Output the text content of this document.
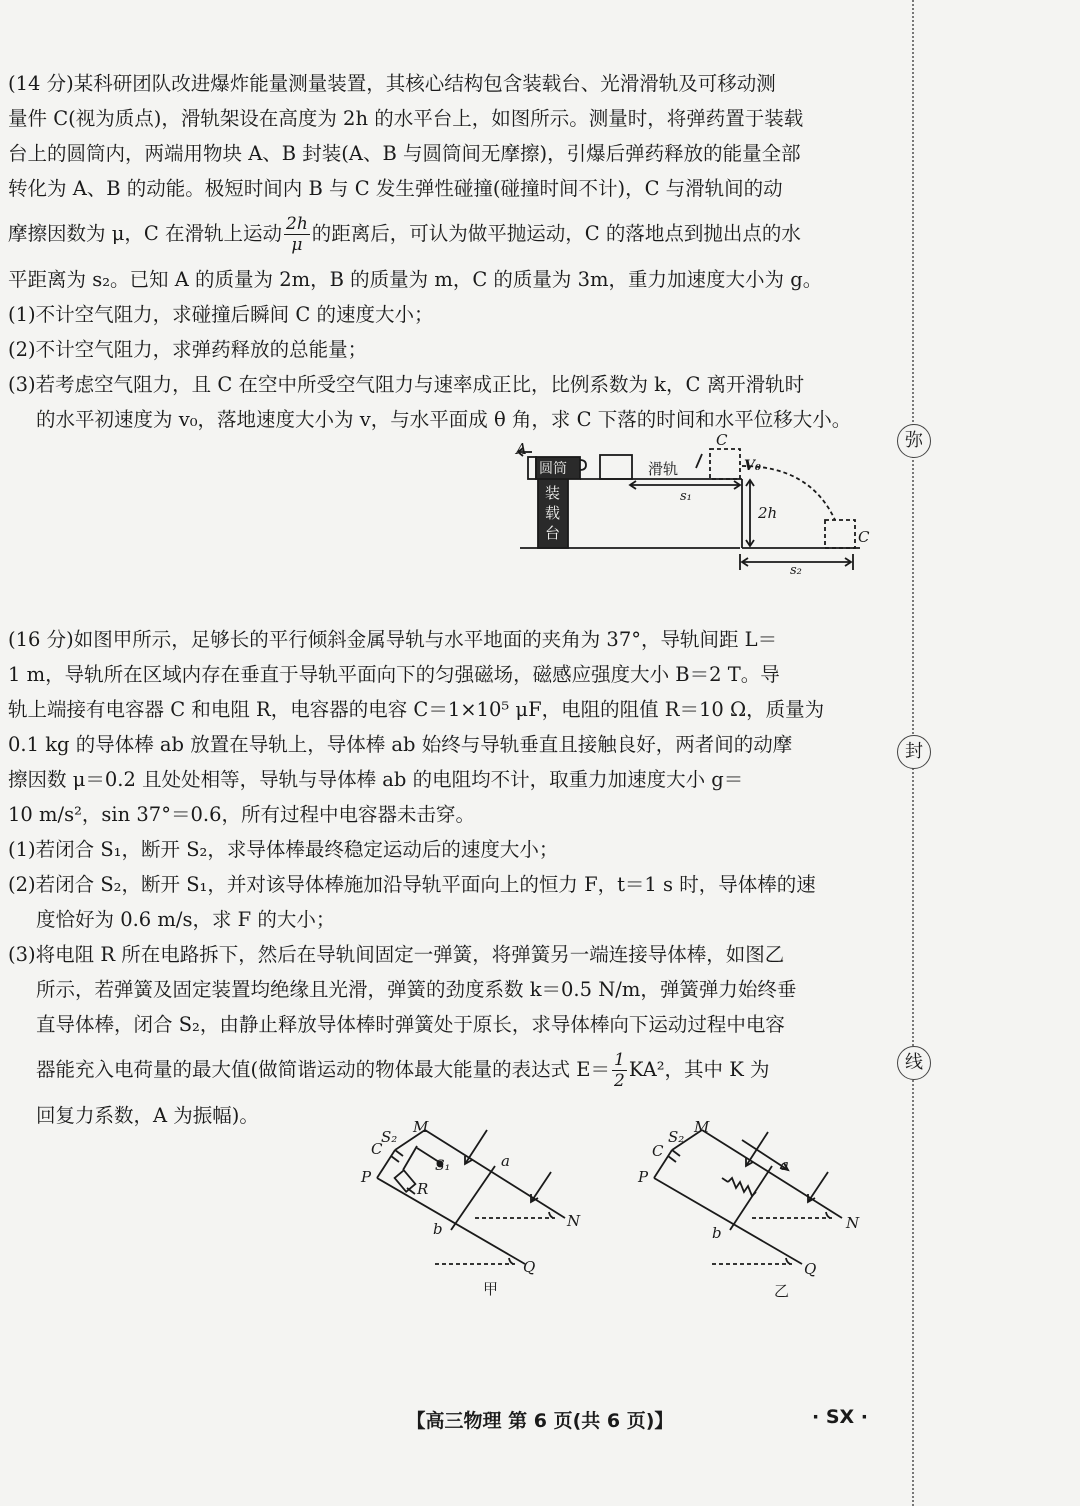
弥
封
线
(14 分)某科研团队改进爆炸能量测量装置，其核心结构包含装载台、光滑滑轨及可移动测
量件 C(视为质点)，滑轨架设在高度为 2h 的水平台上，如图所示。测量时，将弹药置于装载
台上的圆筒内，两端用物块 A、B 封装(A、B 与圆筒间无摩擦)，引爆后弹药释放的能量全部
转化为 A、B 的动能。极短时间内 B 与 C 发生弹性碰撞(碰撞时间不计)，C 与滑轨间的动
摩擦因数为 μ，C 在滑轨上运动 $\frac{2h}{\mu}$ 的距离后，可认为做平抛运动，C 的落地点到抛出点的水
平距离为 s₂。已知 A 的质量为 2m，B 的质量为 m，C 的质量为 3m，重力加速度大小为 g。
(1)不计空气阻力，求碰撞后瞬间 C 的速度大小；
(2)不计空气阻力，求弹药释放的总能量；
(3)若考虑空气阻力，且 C 在空中所受空气阻力与速率成正比，比例系数为 k，C 离开滑轨时
的水平初速度为 v₀，落地速度大小为 v，与水平面成 θ 角，求 C 下落的时间和水平位移大小。
A
圆筒
装
载
台
滑轨
C
V₀
s₁
2h
C
s₂
(16 分)如图甲所示，足够长的平行倾斜金属导轨与水平地面的夹角为 37°，导轨间距 L＝
1 m，导轨所在区域内存在垂直于导轨平面向下的匀强磁场，磁感应强度大小 B＝2 T。导
轨上端接有电容器 C 和电阻 R，电容器的电容 C＝1×10⁵ μF，电阻的阻值 R＝10 Ω，质量为
0.1 kg 的导体棒 ab 放置在导轨上，导体棒 ab 始终与导轨垂直且接触良好，两者间的动摩
擦因数 μ＝0.2 且处处相等，导轨与导体棒 ab 的电阻均不计，取重力加速度大小 g＝
10 m/s²，sin 37°＝0.6，所有过程中电容器未击穿。
(1)若闭合 S₁，断开 S₂，求导体棒最终稳定运动后的速度大小；
(2)若闭合 S₂，断开 S₁，并对该导体棒施加沿导轨平面向上的恒力 F，t＝1 s 时，导体棒的速
度恰好为 0.6 m/s，求 F 的大小；
(3)将电阻 R 所在电路拆下，然后在导轨间固定一弹簧，将弹簧另一端连接导体棒，如图乙
所示，若弹簧及固定装置均绝缘且光滑，弹簧的劲度系数 k＝0.5 N/m，弹簧弹力始终垂
直导体棒，闭合 S₂，由静止释放导体棒时弹簧处于原长，求导体棒向下运动过程中电容
器能充入电荷量的最大值(做简谐运动的物体最大能量的表达式 $E= \frac{1}{2} KA^2$，其中 K 为
回复力系数，A 为振幅)。
S₂
M
C
S₁
P
R
a
b	N
Q
甲
S₂
M
C
P
a
b
N
Q
乙
【高三物理 第 6 页(共 6 页)】	· SX ·
